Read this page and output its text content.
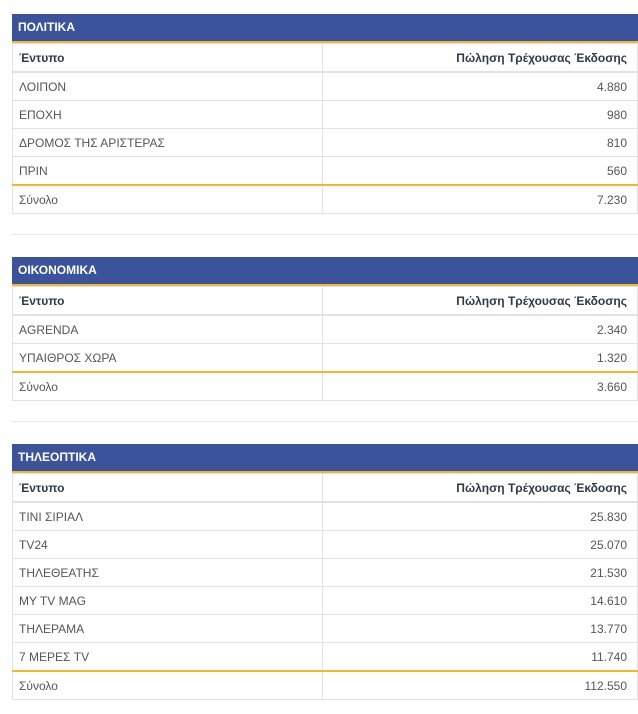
ΠΟΛΙΤΙΚΑ
Έντυπο	Πώληση Τρέχουσας Έκδοσης
ΛΟΙΠΟΝ	4.880
ΕΠΟΧΗ	980
ΔΡΟΜΟΣ ΤΗΣ ΑΡΙΣΤΕΡΑΣ	810
ΠΡΙΝ	560
Σύνολο	7.230
ΟΙΚΟΝΟΜΙΚΑ
Έντυπο	Πώληση Τρέχουσας Έκδοσης
AGRENDA	2.340
ΥΠΑΙΘΡΟΣ ΧΩΡΑ	1.320
Σύνολο	3.660
ΤΗΛΕΟΠΤΙΚΑ
Έντυπο	Πώληση Τρέχουσας Έκδοσης
ΤΙΝΙ ΣΙΡΙΑΛ	25.830
TV24	25.070
ΤΗΛΕΘΕΑΤΗΣ	21.530
MY TV MAG	14.610
ΤΗΛΕΡΑΜΑ	13.770
7 ΜΕΡΕΣ TV	11.740
Σύνολο	112.550
